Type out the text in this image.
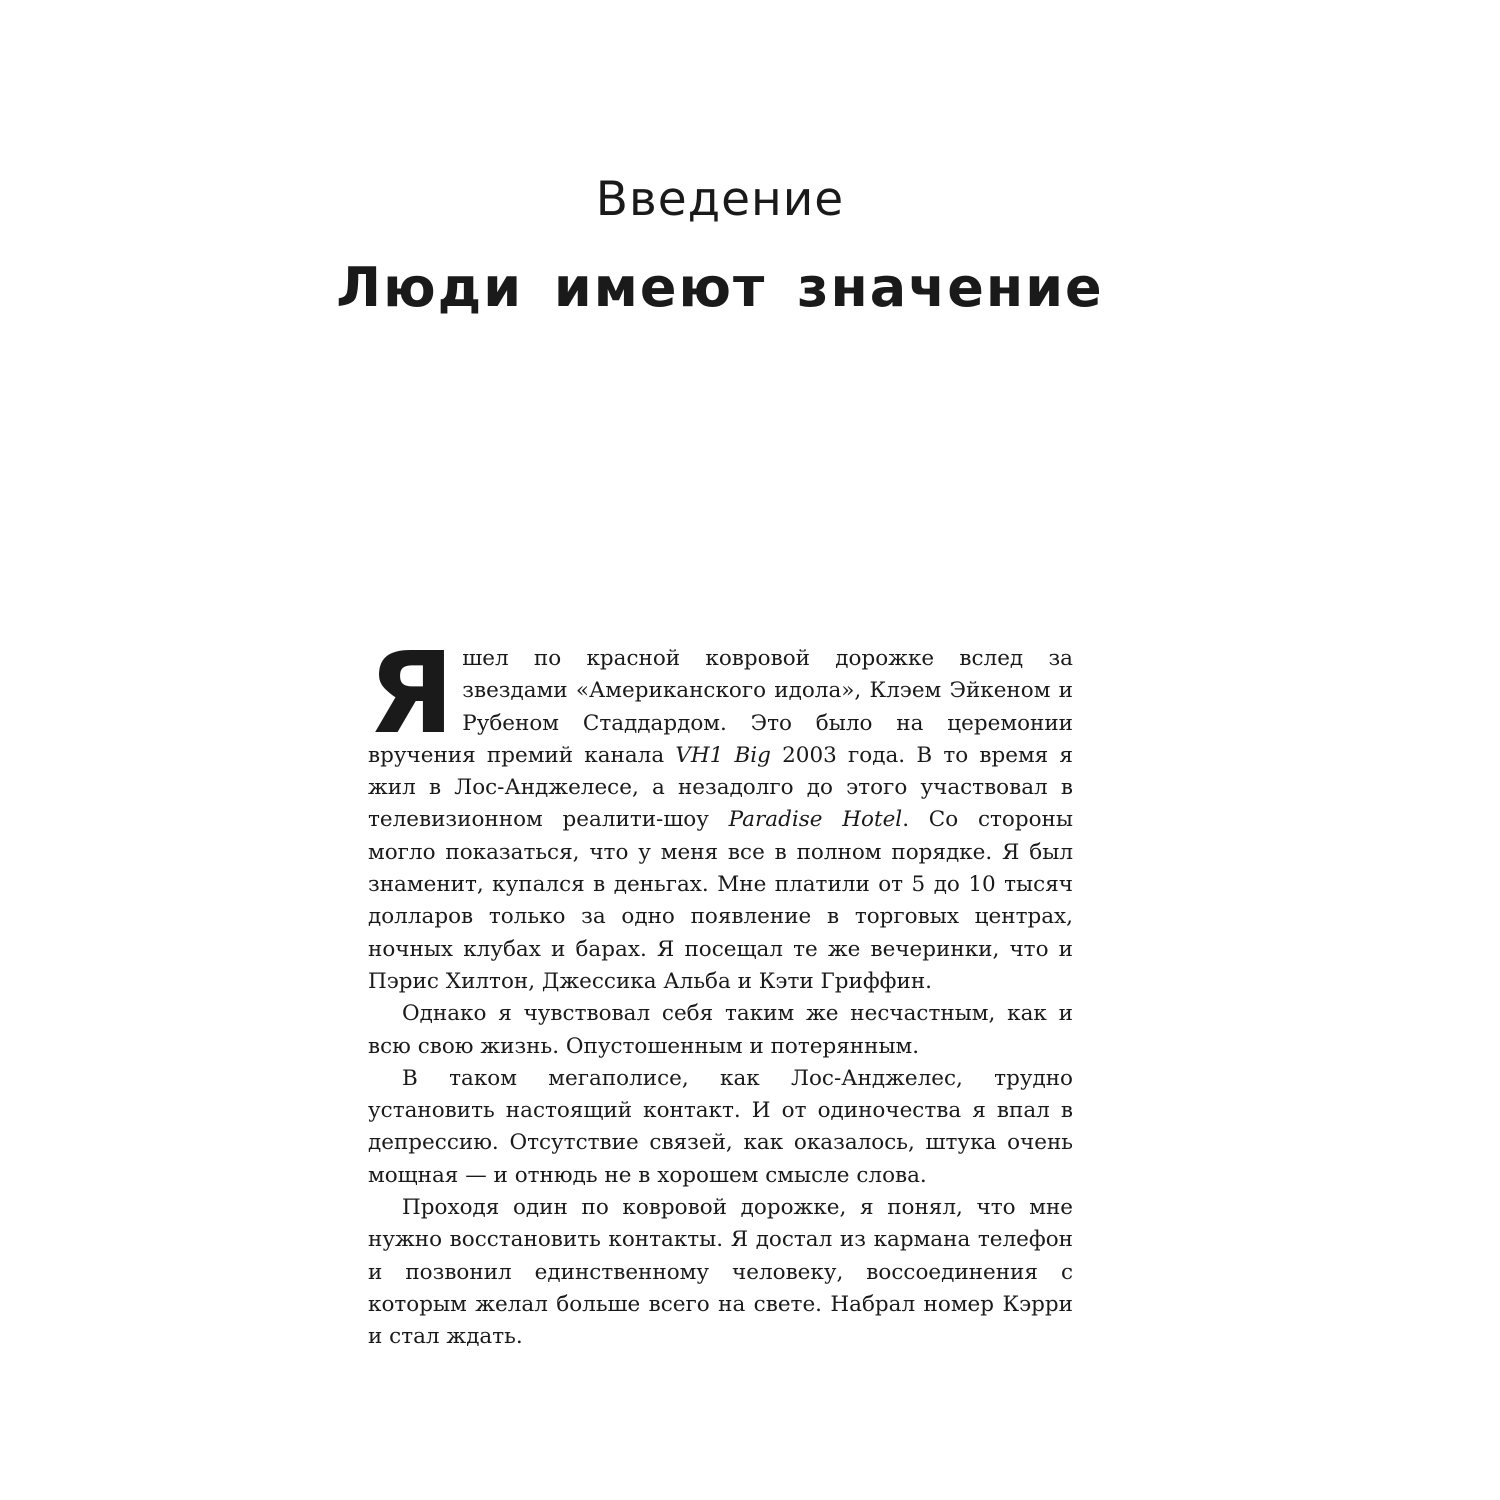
Введение
Люди имеют значение

Я шел по красной ковровой дорожке вслед за звездами «Американского идола», Клэем Эйкеном и Рубеном Стаддардом. Это было на церемонии вручения премий канала VH1 Big 2003 года. В то время я жил в Лос-Анджелесе, а незадолго до этого участвовал в телевизионном реалити-шоу Paradise Hotel. Со стороны могло показаться, что у меня все в полном порядке. Я был знаменит, купался в деньгах. Мне платили от 5 до 10 тысяч долларов только за одно появление в торговых центрах, ночных клубах и барах. Я посещал те же вечеринки, что и Пэрис Хилтон, Джессика Альба и Кэти Гриффин.

Однако я чувствовал себя таким же несчастным, как и всю свою жизнь. Опустошенным и потерянным.

В таком мегаполисе, как Лос-Анджелес, трудно установить настоящий контакт. И от одиночества я впал в депрессию. Отсутствие связей, как оказалось, штука очень мощная — и отнюдь не в хорошем смысле слова.

Проходя один по ковровой дорожке, я понял, что мне нужно восстановить контакты. Я достал из кармана телефон и позвонил единственному человеку, воссоединения с которым желал больше всего на свете. Набрал номер Кэрри и стал ждать.
